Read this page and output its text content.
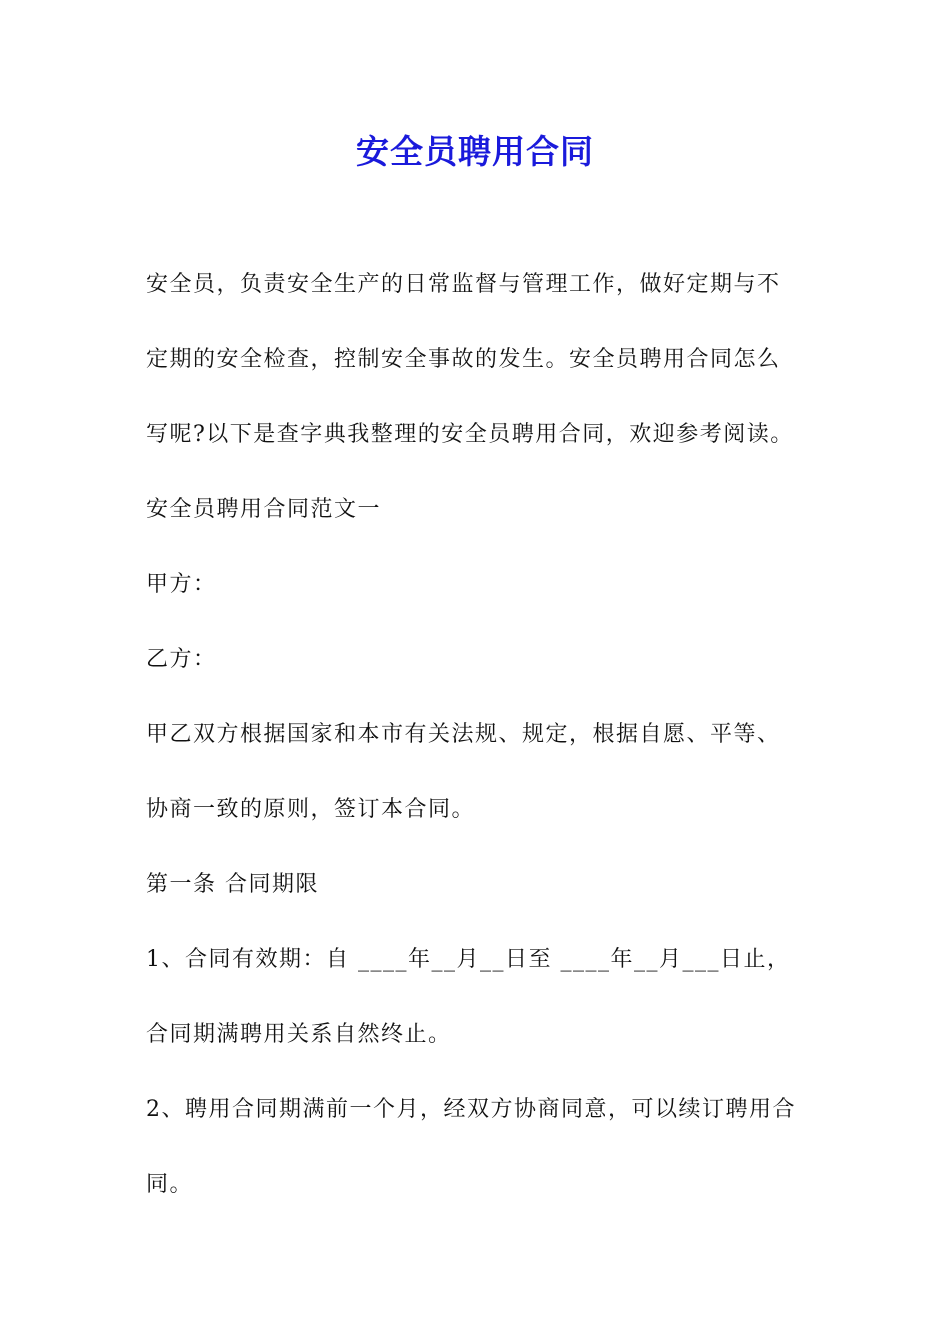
安全员聘用合同
安全员，负责安全生产的日常监督与管理工作，做好定期与不
定期的安全检查，控制安全事故的发生。安全员聘用合同怎么
写呢?以下是查字典我整理的安全员聘用合同，欢迎参考阅读。
安全员聘用合同范文一
甲方：
乙方：
甲乙双方根据国家和本市有关法规、规定，根据自愿、平等、
协商一致的原则，签订本合同。
第一条 合同期限
1、合同有效期：自 ____年__月__日至 ____年__月___日止，
合同期满聘用关系自然终止。
2、聘用合同期满前一个月，经双方协商同意，可以续订聘用合
同。
